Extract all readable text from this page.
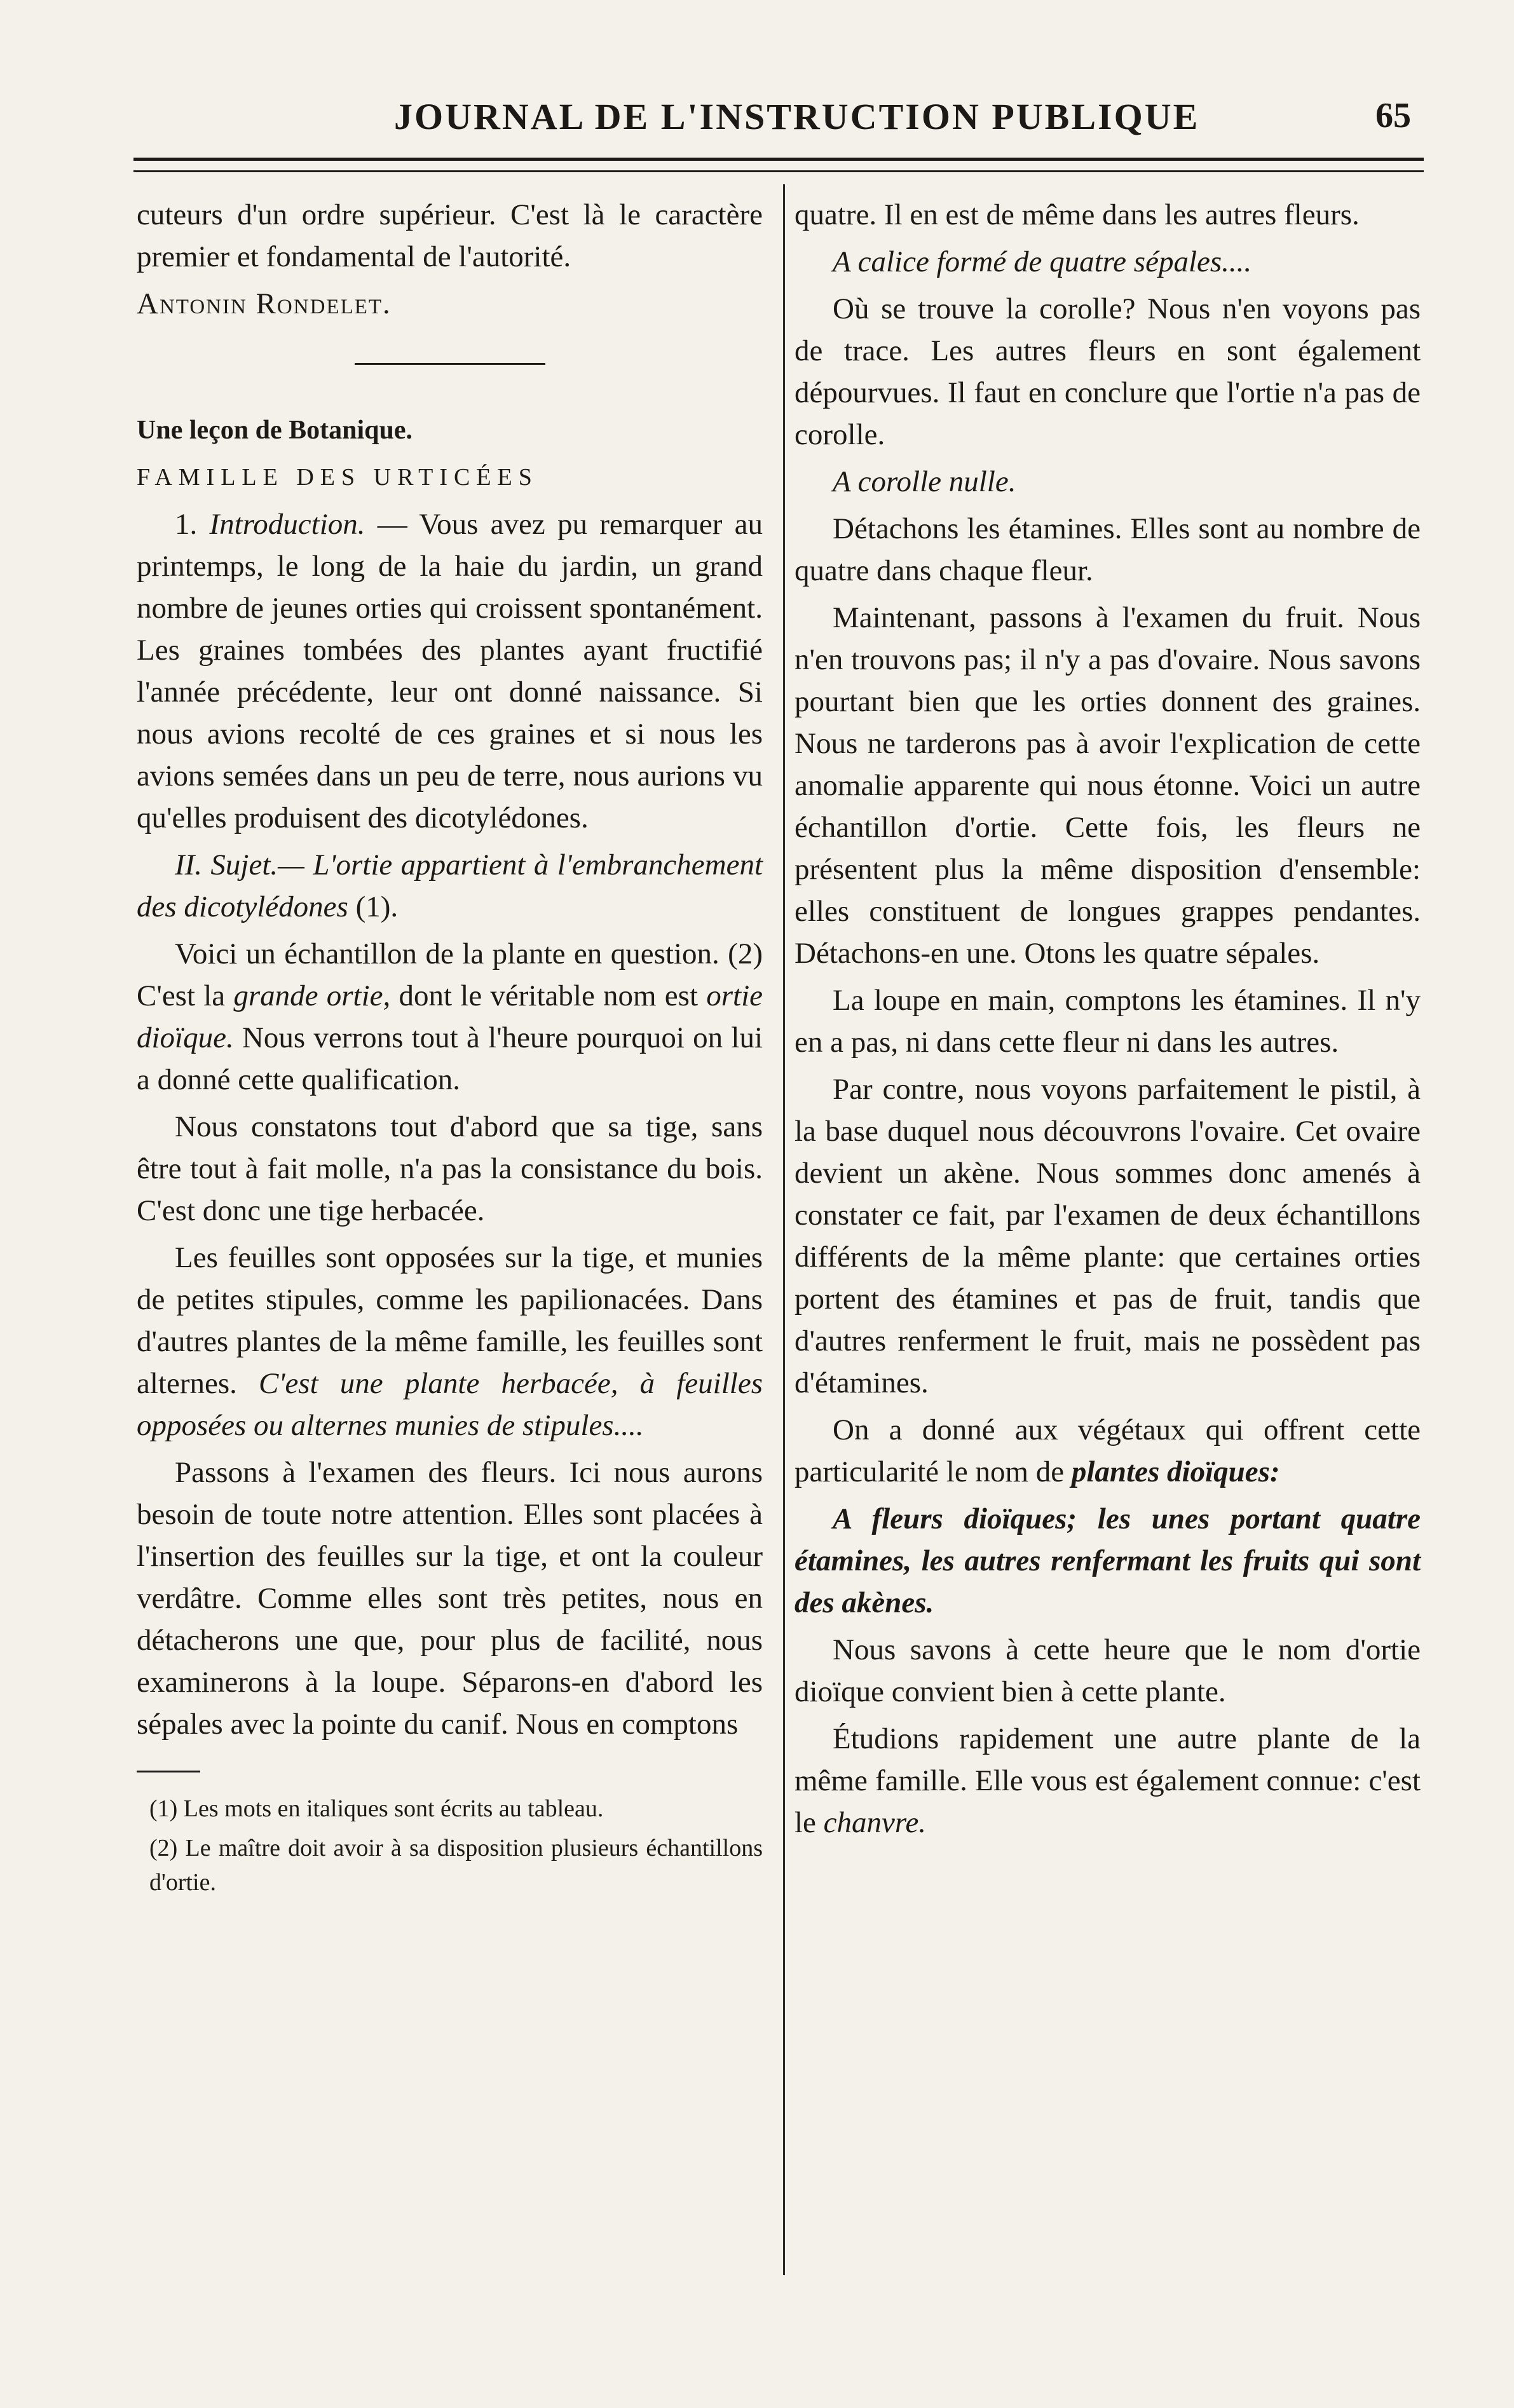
JOURNAL DE L'INSTRUCTION PUBLIQUE	65

cuteurs d'un ordre supérieur. C'est là le caractère premier et fondamental de l'autorité.

Antonin Rondelet.

Une leçon de Botanique.

FAMILLE DES URTICÉES

1. Introduction. — Vous avez pu remarquer au printemps, le long de la haie du jardin, un grand nombre de jeunes orties qui croissent spontanément. Les graines tombées des plantes ayant fructifié l'année précédente, leur ont donné naissance. Si nous avions recolté de ces graines et si nous les avions semées dans un peu de terre, nous aurions vu qu'elles produisent des dicotylédones.

II. Sujet.— L'ortie appartient à l'embranchement des dicotylédones (1).

Voici un échantillon de la plante en question. (2) C'est la grande ortie, dont le véritable nom est ortie dioïque. Nous verrons tout à l'heure pourquoi on lui a donné cette qualification.

Nous constatons tout d'abord que sa tige, sans être tout à fait molle, n'a pas la consistance du bois. C'est donc une tige herbacée.

Les feuilles sont opposées sur la tige, et munies de petites stipules, comme les papilionacées. Dans d'autres plantes de la même famille, les feuilles sont alternes. C'est une plante herbacée, à feuilles opposées ou alternes munies de stipules....

Passons à l'examen des fleurs. Ici nous aurons besoin de toute notre attention. Elles sont placées à l'insertion des feuilles sur la tige, et ont la couleur verdâtre. Comme elles sont très petites, nous en détacherons une que, pour plus de facilité, nous examinerons à la loupe. Séparons-en d'abord les sépales avec la pointe du canif. Nous en comptons

(1) Les mots en italiques sont écrits au tableau.

(2) Le maître doit avoir à sa disposition plusieurs échantillons d'ortie.

quatre. Il en est de même dans les autres fleurs.

A calice formé de quatre sépales....

Où se trouve la corolle? Nous n'en voyons pas de trace. Les autres fleurs en sont également dépourvues. Il faut en conclure que l'ortie n'a pas de corolle.

A corolle nulle.

Détachons les étamines. Elles sont au nombre de quatre dans chaque fleur.

Maintenant, passons à l'examen du fruit. Nous n'en trouvons pas; il n'y a pas d'ovaire. Nous savons pourtant bien que les orties donnent des graines. Nous ne tarderons pas à avoir l'explication de cette anomalie apparente qui nous étonne. Voici un autre échantillon d'ortie. Cette fois, les fleurs ne présentent plus la même disposition d'ensemble: elles constituent de longues grappes pendantes. Détachons-en une. Otons les quatre sépales.

La loupe en main, comptons les étamines. Il n'y en a pas, ni dans cette fleur ni dans les autres.

Par contre, nous voyons parfaitement le pistil, à la base duquel nous découvrons l'ovaire. Cet ovaire devient un akène. Nous sommes donc amenés à constater ce fait, par l'examen de deux échantillons différents de la même plante: que certaines orties portent des étamines et pas de fruit, tandis que d'autres renferment le fruit, mais ne possèdent pas d'étamines.

On a donné aux végétaux qui offrent cette particularité le nom de plantes dioïques:

A fleurs dioïques; les unes portant quatre étamines, les autres renfermant les fruits qui sont des akènes.

Nous savons à cette heure que le nom d'ortie dioïque convient bien à cette plante.

Étudions rapidement une autre plante de la même famille. Elle vous est également connue: c'est le chanvre.
